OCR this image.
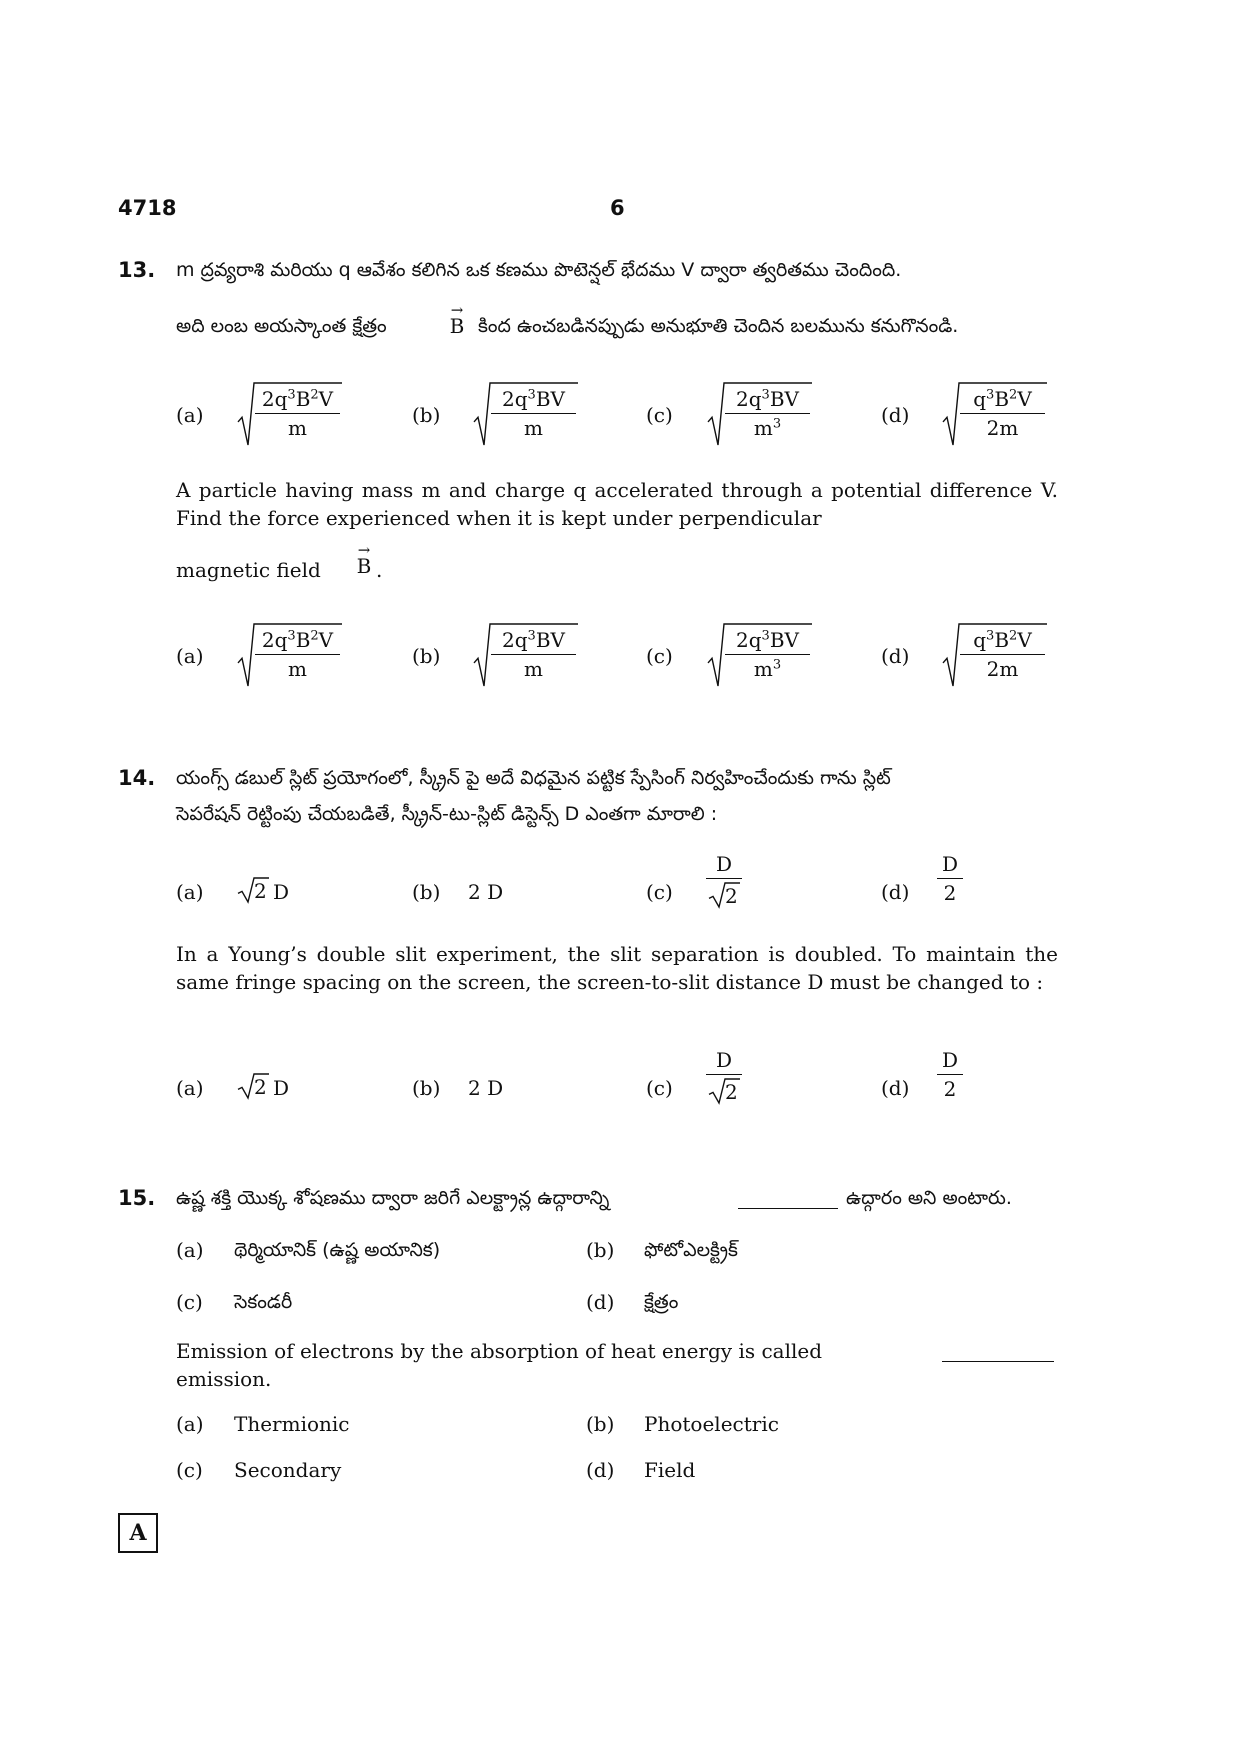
4718	6
13. m ద్రవ్యరాశి మరియు q ఆవేశం కలిగిన ఒక కణము పొటెన్షల్ భేదము V ద్వారా త్వరితము చెందింది.
అది లంబ అయస్కాంత క్షేత్రం
→
B కింద ఉంచబడినప్పుడు అనుభూతి చెందిన బలమును కనుగొనండి.
(a)	$\frac{2q^3B^2V}{m}$	(b)	$\frac{2q^3BV}{m}$	(c)	$\frac{2q^3BV}{m^3}$	(d)	$\frac{q^3B^2V}{2m}$
A particle having mass m and charge q accelerated through a potential difference V. Find the force experienced when it is kept under perpendicular
magnetic field
→
B .
(a)	$\frac{2q^3B^2V}{m}$	(b)	$\frac{2q^3BV}{m}$	(c)	$\frac{2q^3BV}{m^3}$	(d)	$\frac{q^3B^2V}{2m}$
14. యంగ్స్ డబుల్ స్లిట్ ప్రయోగంలో, స్క్రీన్ పై అదే విధమైన పట్టిక స్పేసింగ్ నిర్వహించేందుకు గాను స్లిట్
సెపరేషన్ రెట్టింపు చేయబడితే, స్క్రీన్-టు-స్లిట్ డిస్టెన్స్ D ఎంతగా మారాలి :
(a)	(b)	(c)	(d)
2 D	2 D	$\frac{D}{2}$	$\frac{D}{2}$
In a Young’s double slit experiment, the slit separation is doubled. To maintain the same fringe spacing on the screen, the screen-to-slit distance D must be changed to :
(a)	(b)	(c)	(d)
2 D	2 D	$\frac{D}{2}$	$\frac{D}{2}$
15. ఉష్ణ శక్తి యొక్క శోషణము ద్వారా జరిగే ఎలక్ట్రాన్ల ఉద్గారాన్ని	ఉద్గారం అని అంటారు.
(a) థెర్మియానిక్ (ఉష్ణ అయానిక)	(b) ఫోటోఎలక్ట్రిక్
(c) సెకండరీ	(d) క్షేత్రం
Emission of electrons by the absorption of heat energy is called
emission.
(a) Thermionic	(b) Photoelectric
(c) Secondary	(d) Field
A
